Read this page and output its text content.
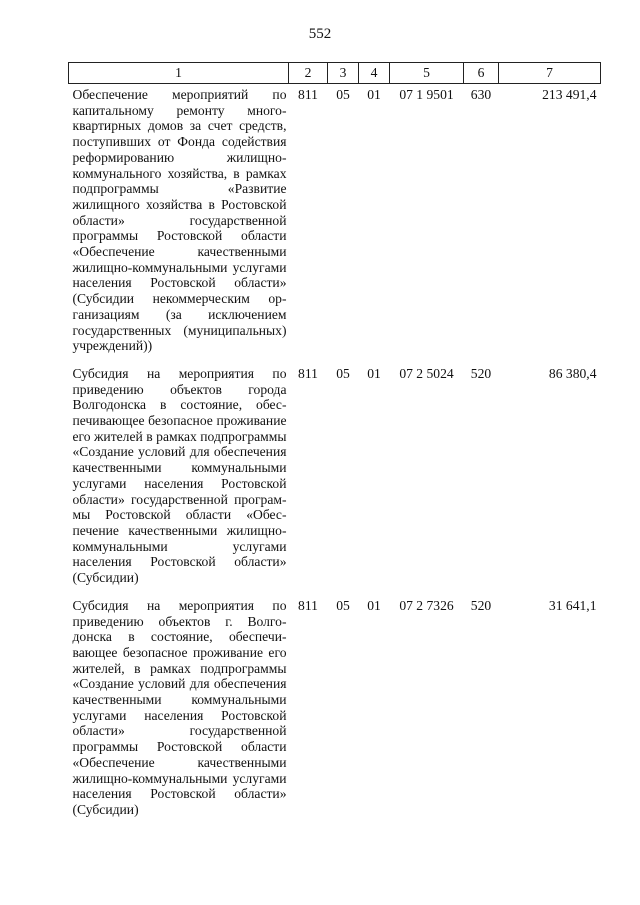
552
1	2	3	4	5	6	7
Обеспечение мероприятий по капитальному ремонту многоквартирных домов за счет средств, поступивших от Фонда содействия реформированию жилищно-коммунального хозяйства, в рамках подпрограммы «Развитие жилищного хозяйства в Ростовской области» государственной программы Ростовской области «Обеспечение качественными жилищно-коммунальными услугами населения Ростовской области» (Субсидии некоммерческим организациям (за исключением государственных (муниципальных) учреждений))	811	05	01	07 1 9501	630	213 491,4
Субсидия на мероприятия по приведению объектов города Волгодонска в состояние, обеспечивающее безопасное проживание его жителей в рамках подпрограммы «Создание условий для обеспечения качественными коммунальными услугами населения Ростовской области» государственной программы Ростовской области «Обеспечение качественными жилищно-коммунальными услугами населения Ростовской области» (Субсидии)	811	05	01	07 2 5024	520	86 380,4
Субсидия на мероприятия по приведению объектов г. Волгодонска в состояние, обеспечивающее безопасное проживание его жителей, в рамках подпрограммы «Создание условий для обеспечения качественными коммунальными услугами населения Ростовской области» государственной программы Ростовской области «Обеспечение качественными жилищно-коммунальными услугами населения Ростовской области» (Субсидии)	811	05	01	07 2 7326	520	31 641,1
